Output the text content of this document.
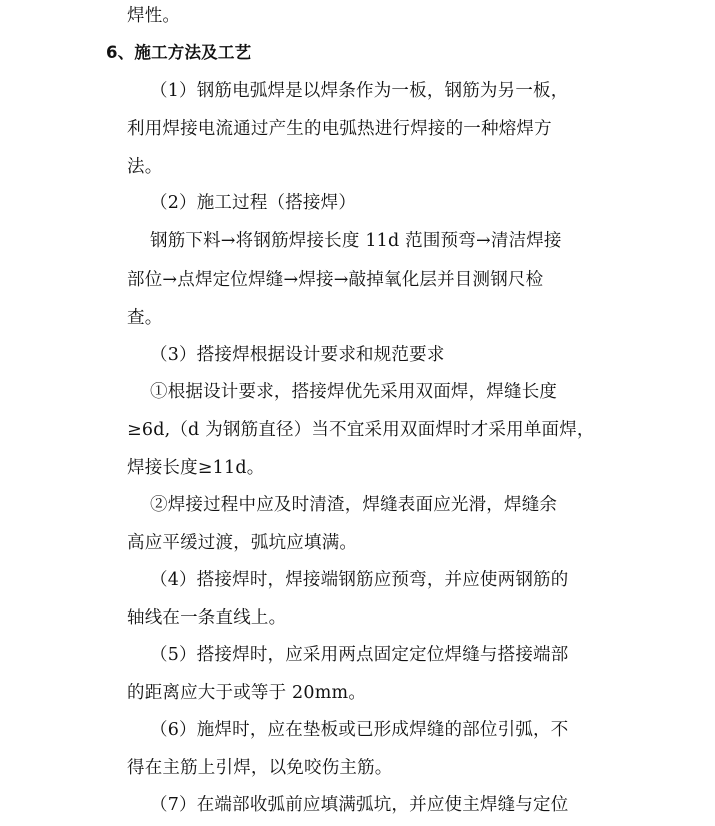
焊性。
6、施工方法及工艺
（1）钢筋电弧焊是以焊条作为一板，钢筋为另一板，
利用焊接电流通过产生的电弧热进行焊接的一种熔焊方
法。
（2）施工过程（搭接焊）
钢筋下料→将钢筋焊接长度 11d 范围预弯→清洁焊接
部位→点焊定位焊缝→焊接→敲掉氧化层并目测钢尺检
查。
（3）搭接焊根据设计要求和规范要求
①根据设计要求，搭接焊优先采用双面焊，焊缝长度
≥6d,（d 为钢筋直径）当不宜采用双面焊时才采用单面焊，
焊接长度≥11d。
②焊接过程中应及时清渣，焊缝表面应光滑，焊缝余
高应平缓过渡，弧坑应填满。
（4）搭接焊时，焊接端钢筋应预弯，并应使两钢筋的
轴线在一条直线上。
（5）搭接焊时，应采用两点固定定位焊缝与搭接端部
的距离应大于或等于 20mm。
（6）施焊时，应在垫板或已形成焊缝的部位引弧，不
得在主筋上引焊，以免咬伤主筋。
（7）在端部收弧前应填满弧坑，并应使主焊缝与定位
